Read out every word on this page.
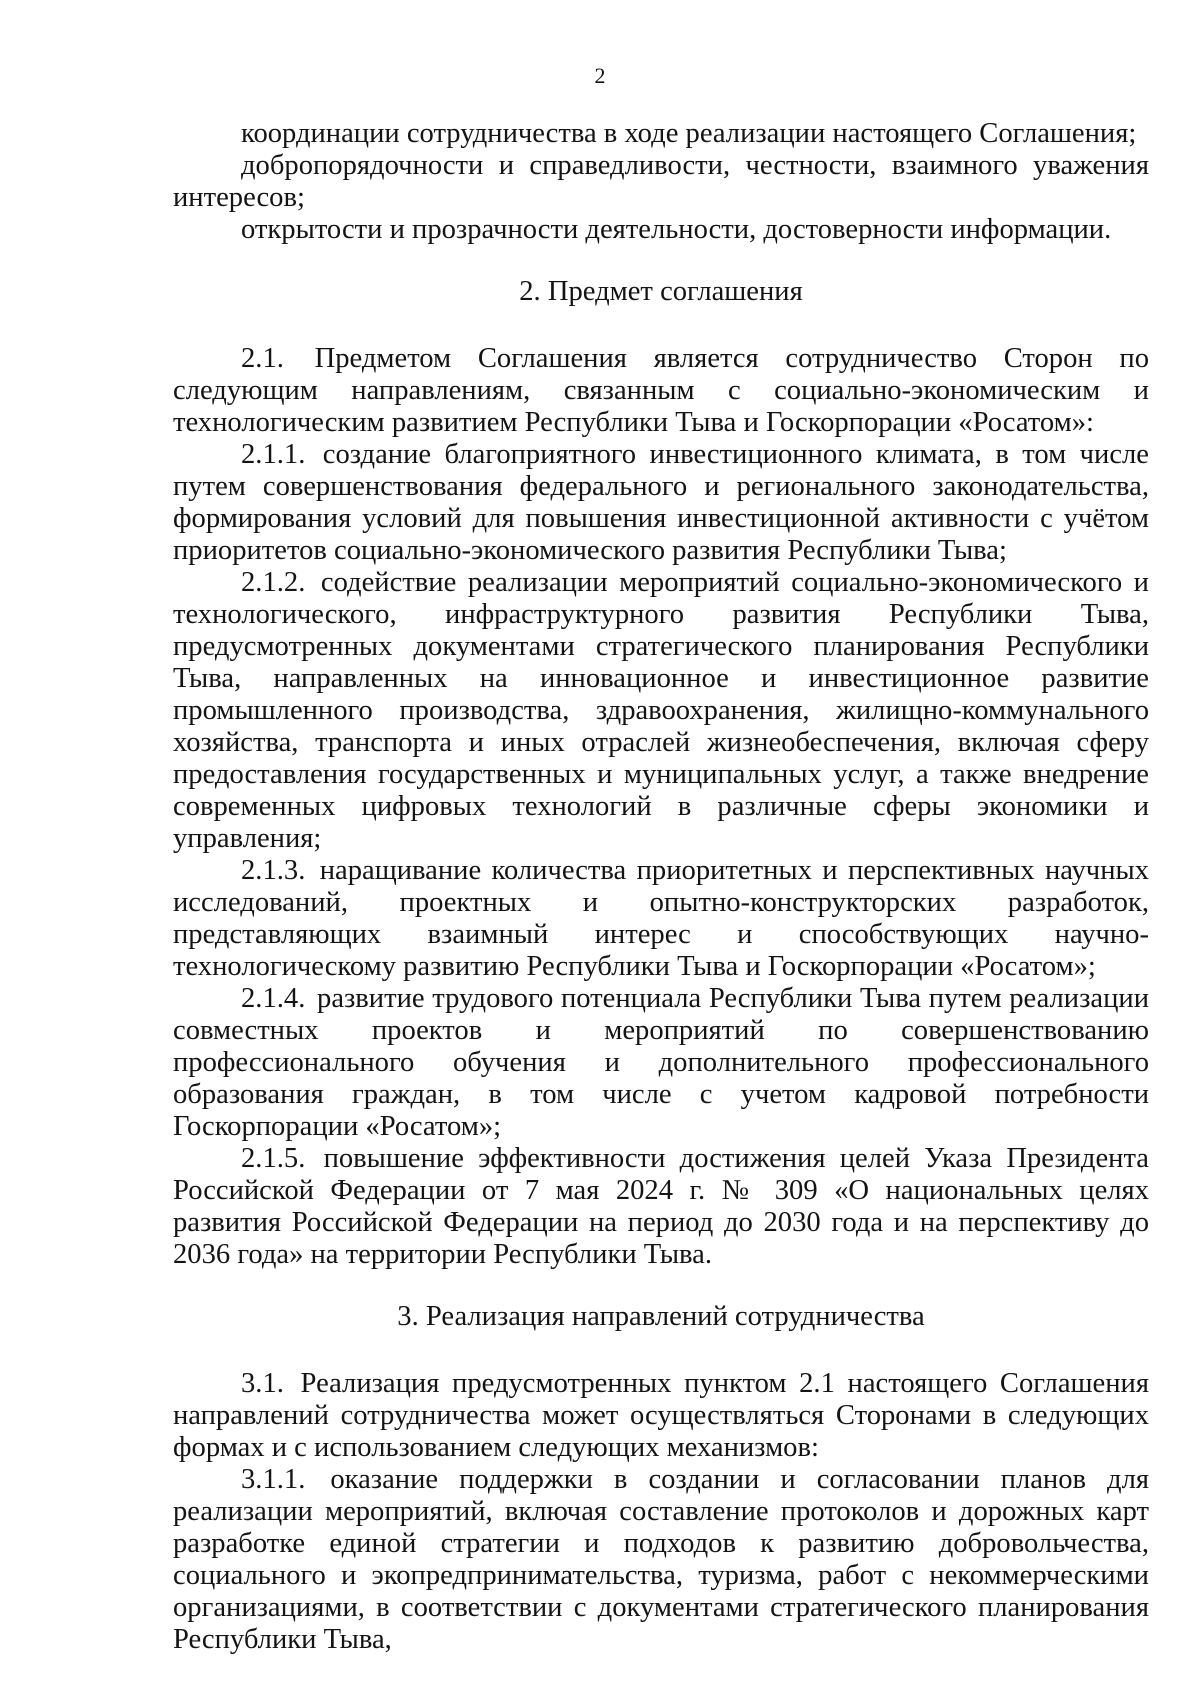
2

координации сотрудничества в ходе реализации настоящего Соглашения;

добропорядочности и справедливости, честности, взаимного уважения интересов;

открытости и прозрачности деятельности, достоверности информации.

2. Предмет соглашения

2.1. Предметом Соглашения является сотрудничество Сторон по следующим направлениям, связанным с социально-экономическим и технологическим развитием Республики Тыва и Госкорпорации «Росатом»:

2.1.1. создание благоприятного инвестиционного климата, в том числе путем совершенствования федерального и регионального законодательства, формирования условий для повышения инвестиционной активности с учётом приоритетов социально-экономического развития Республики Тыва;

2.1.2. содействие реализации мероприятий социально-экономического и технологического, инфраструктурного развития Республики Тыва, предусмотренных документами стратегического планирования Республики Тыва, направленных на инновационное и инвестиционное развитие промышленного производства, здравоохранения, жилищно-коммунального хозяйства, транспорта и иных отраслей жизнеобеспечения, включая сферу предоставления государственных и муниципальных услуг, а также внедрение современных цифровых технологий в различные сферы экономики и управления;

2.1.3. наращивание количества приоритетных и перспективных научных исследований, проектных и опытно-конструкторских разработок, представляющих взаимный интерес и способствующих научно-технологическому развитию Республики Тыва и Госкорпорации «Росатом»;

2.1.4. развитие трудового потенциала Республики Тыва путем реализации совместных проектов и мероприятий по совершенствованию профессионального обучения и дополнительного профессионального образования граждан, в том числе с учетом кадровой потребности Госкорпорации «Росатом»;

2.1.5. повышение эффективности достижения целей Указа Президента Российской Федерации от 7 мая 2024 г. № 309 «О национальных целях развития Российской Федерации на период до 2030 года и на перспективу до 2036 года» на территории Республики Тыва.

3. Реализация направлений сотрудничества

3.1. Реализация предусмотренных пунктом 2.1 настоящего Соглашения направлений сотрудничества может осуществляться Сторонами в следующих формах и с использованием следующих механизмов:

3.1.1. оказание поддержки в создании и согласовании планов для реализации мероприятий, включая составление протоколов и дорожных карт разработке единой стратегии и подходов к развитию добровольчества, социального и экопредпринимательства, туризма, работ с некоммерческими организациями, в соответствии с документами стратегического планирования Республики Тыва,
